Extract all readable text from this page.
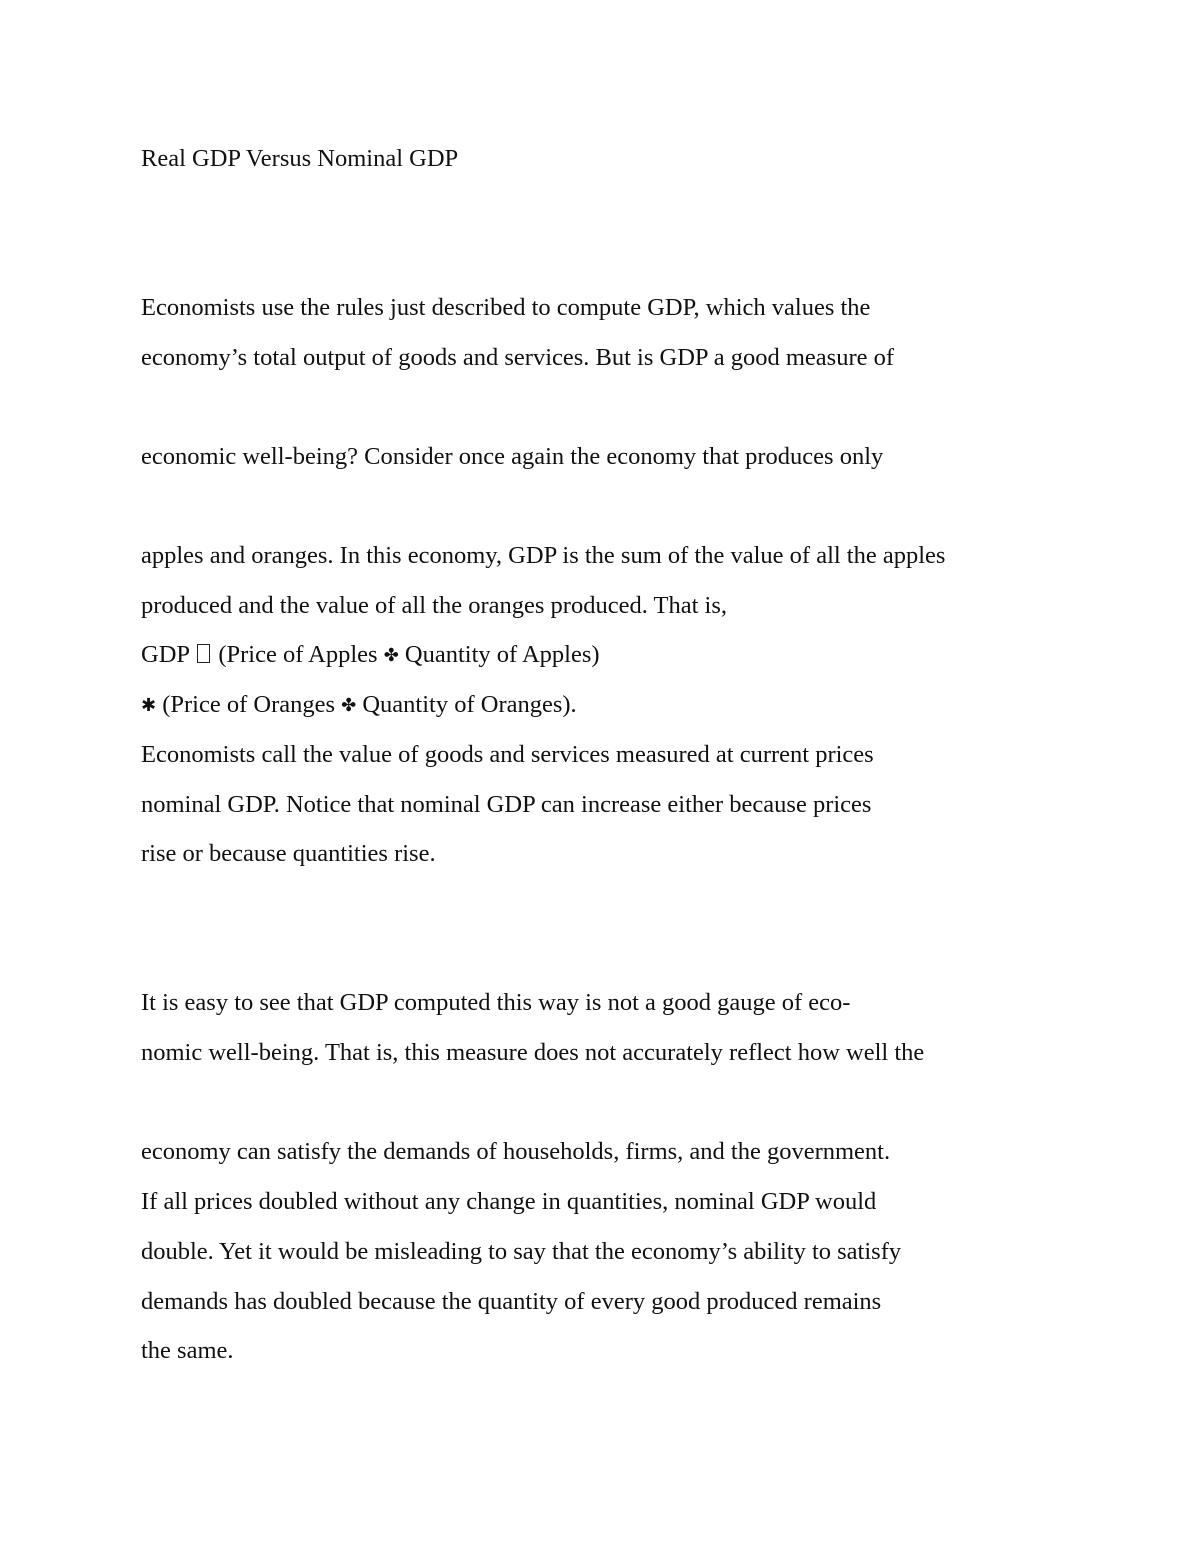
Real GDP Versus Nominal GDP
Economists use the rules just described to compute GDP, which values the
economy’s total output of goods and services. But is GDP a good measure of
economic well-being? Consider once again the economy that produces only
apples and oranges. In this economy, GDP is the sum of the value of all the apples
produced and the value of all the oranges produced. That is,
GDP (Price of Apples ✤ Quantity of Apples)
✱ (Price of Oranges ✤ Quantity of Oranges).
Economists call the value of goods and services measured at current prices
nominal GDP. Notice that nominal GDP can increase either because prices
rise or because quantities rise.
It is easy to see that GDP computed this way is not a good gauge of eco-
nomic well-being. That is, this measure does not accurately reflect how well the
economy can satisfy the demands of households, firms, and the government.
If all prices doubled without any change in quantities, nominal GDP would
double. Yet it would be misleading to say that the economy’s ability to satisfy
demands has doubled because the quantity of every good produced remains
the same.
